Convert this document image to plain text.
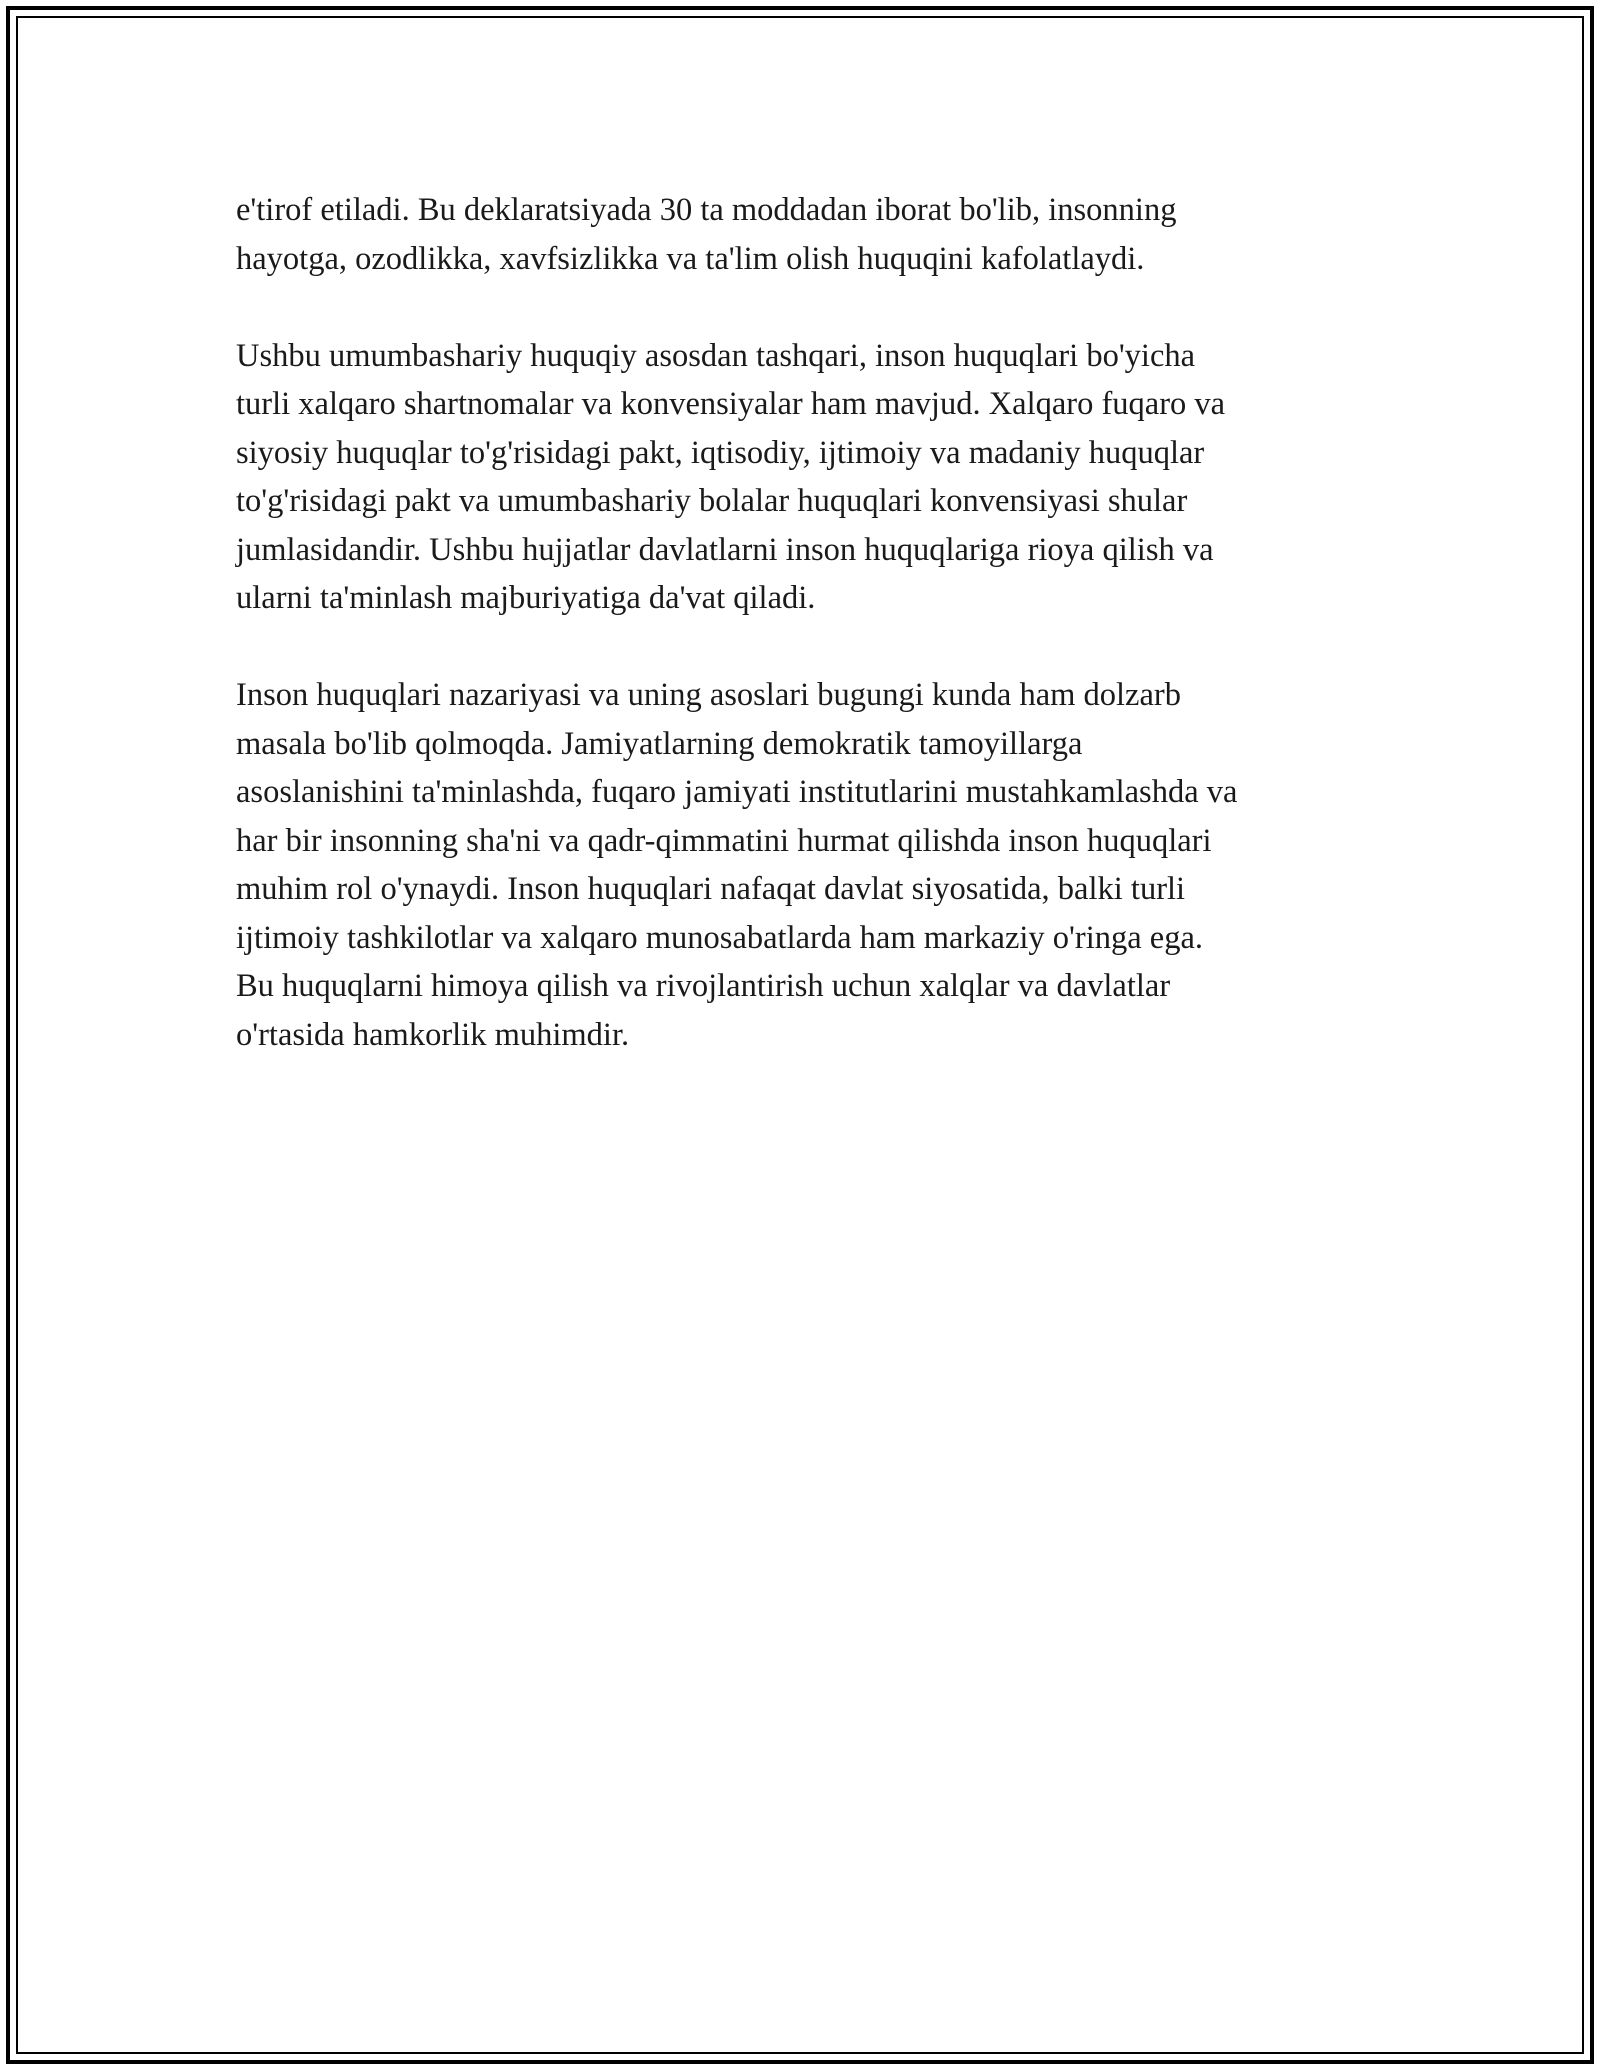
e'tirof etiladi. Bu deklaratsiyada 30 ta moddadan iborat bo'lib, insonning
hayotga, ozodlikka, xavfsizlikka va ta'lim olish huquqini kafolatlaydi.

Ushbu umumbashariy huquqiy asosdan tashqari, inson huquqlari bo'yicha
turli xalqaro shartnomalar va konvensiyalar ham mavjud. Xalqaro fuqaro va
siyosiy huquqlar to'g'risidagi pakt, iqtisodiy, ijtimoiy va madaniy huquqlar
to'g'risidagi pakt va umumbashariy bolalar huquqlari konvensiyasi shular
jumlasidandir. Ushbu hujjatlar davlatlarni inson huquqlariga rioya qilish va
ularni ta'minlash majburiyatiga da'vat qiladi.

Inson huquqlari nazariyasi va uning asoslari bugungi kunda ham dolzarb
masala bo'lib qolmoqda. Jamiyatlarning demokratik tamoyillarga
asoslanishini ta'minlashda, fuqaro jamiyati institutlarini mustahkamlashda va
har bir insonning sha'ni va qadr-qimmatini hurmat qilishda inson huquqlari
muhim rol o'ynaydi. Inson huquqlari nafaqat davlat siyosatida, balki turli
ijtimoiy tashkilotlar va xalqaro munosabatlarda ham markaziy o'ringa ega.
Bu huquqlarni himoya qilish va rivojlantirish uchun xalqlar va davlatlar
o'rtasida hamkorlik muhimdir.
